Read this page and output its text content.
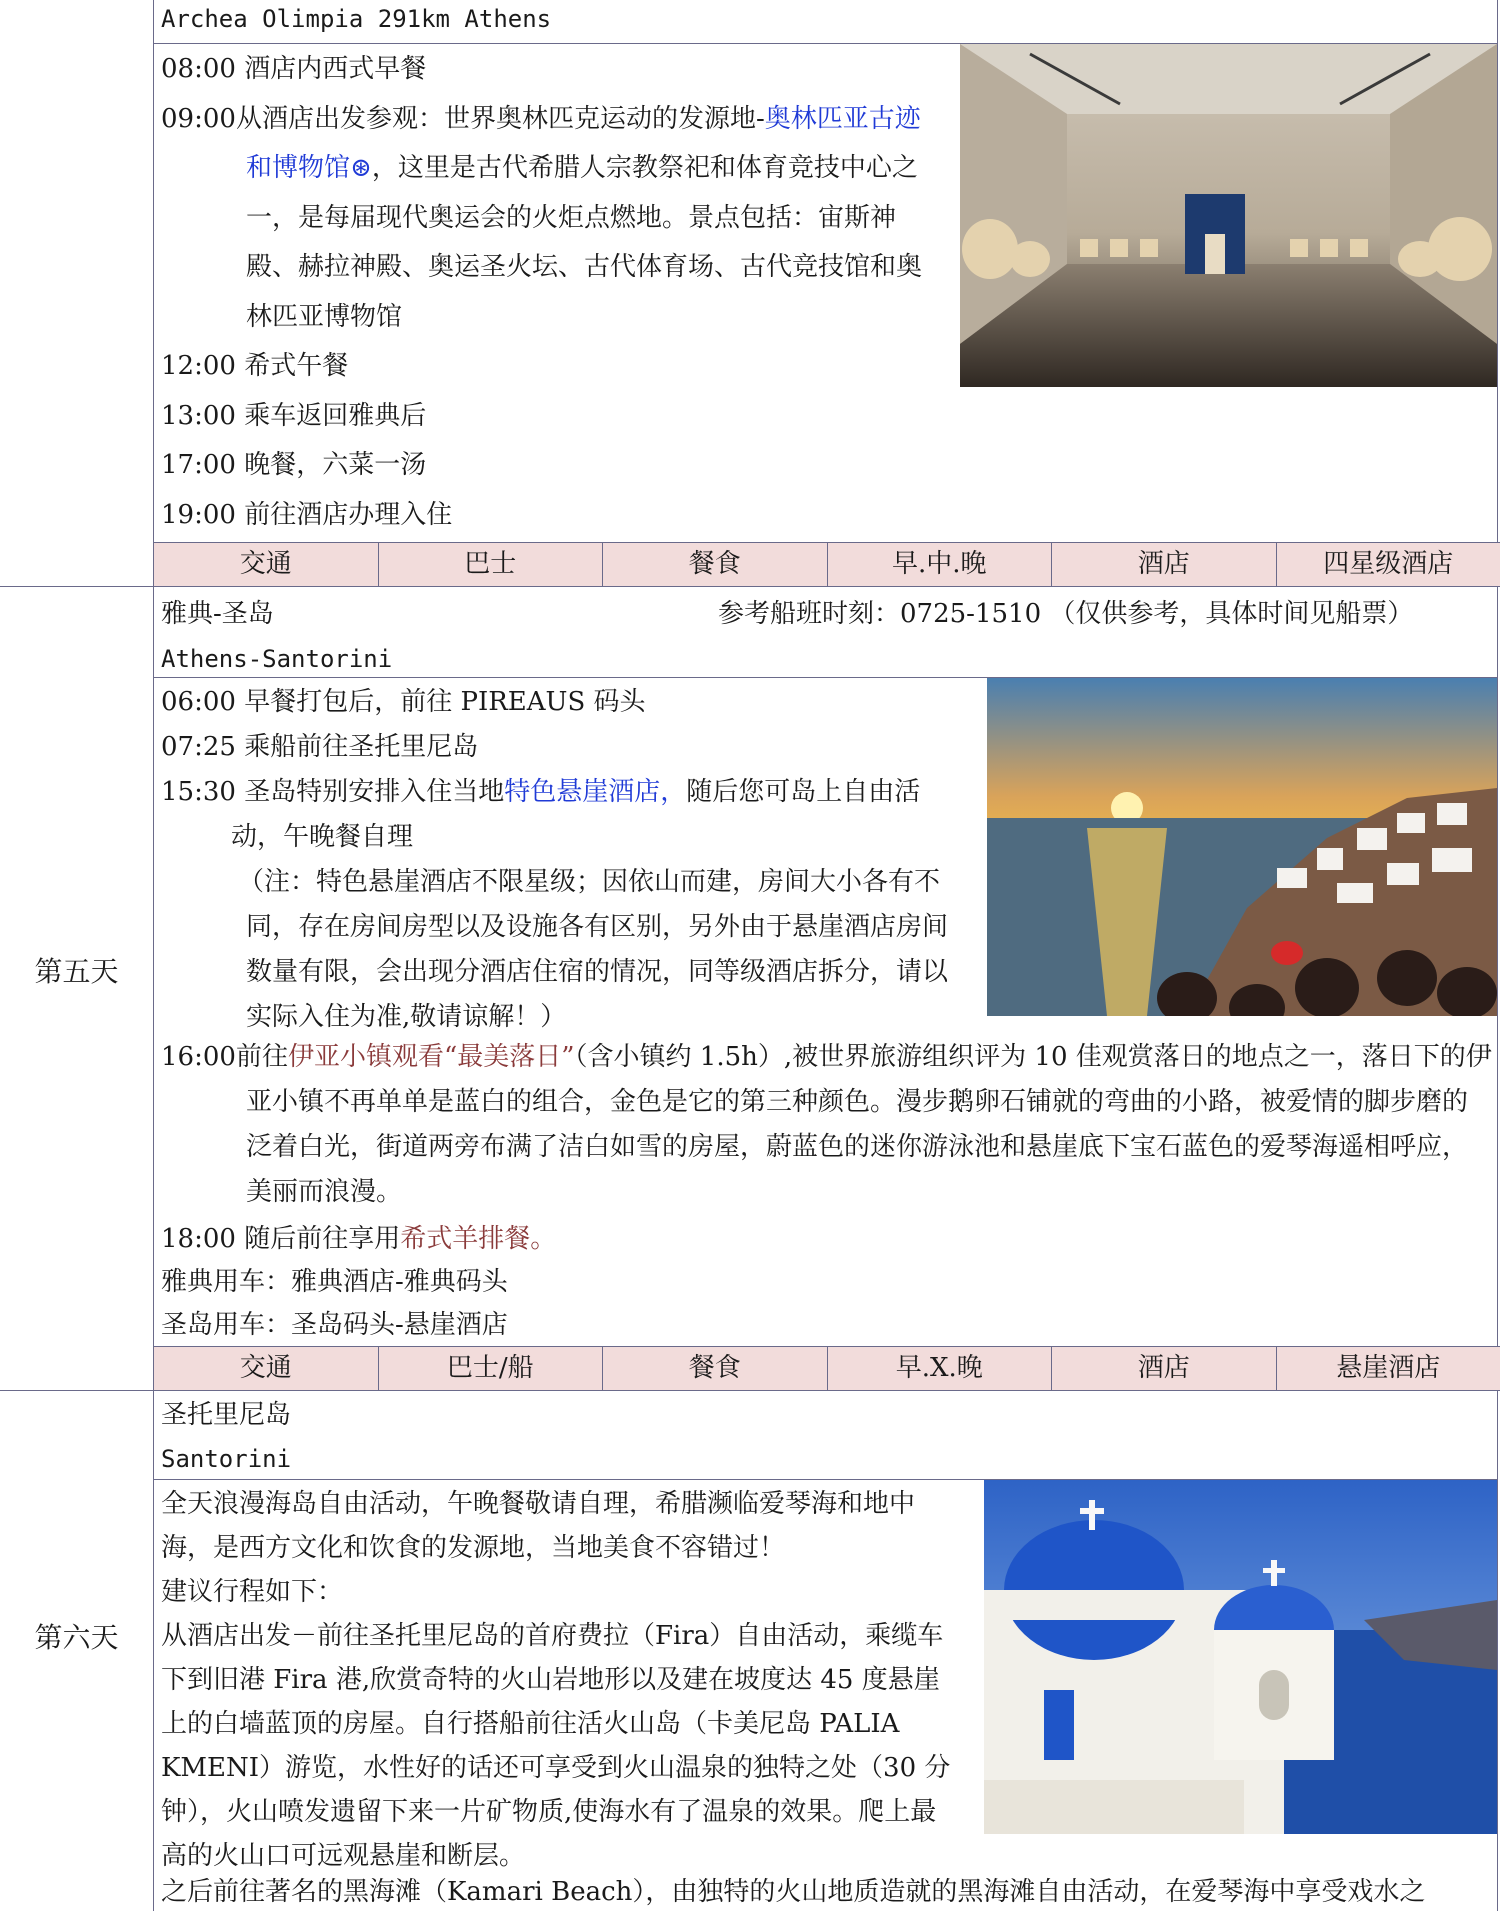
Archea Olimpia 291km Athens
08:00 酒店内西式早餐
09:00从酒店出发参观：世界奥林匹克运动的发源地-奥林匹亚古迹和博物馆⊛，这里是古代希腊人宗教祭祀和体育竞技中心之一，是每届现代奥运会的火炬点燃地。景点包括：宙斯神殿、赫拉神殿、奥运圣火坛、古代体育场、古代竞技馆和奥林匹亚博物馆
12:00 希式午餐
13:00 乘车返回雅典后
17:00 晚餐，六菜一汤
19:00 前往酒店办理入住
交通	巴士	餐食	早.中.晚	酒店	四星级酒店
第五天
雅典-圣岛	参考船班时刻：0725-1510 （仅供参考，具体时间见船票）
Athens-Santorini
06:00 早餐打包后，前往 PIREAUS 码头
07:25 乘船前往圣托里尼岛
15:30 圣岛特别安排入住当地特色悬崖酒店，随后您可岛上自由活动，午晚餐自理
（注：特色悬崖酒店不限星级；因依山而建，房间大小各有不同，存在房间房型以及设施各有区别，另外由于悬崖酒店房间数量有限，会出现分酒店住宿的情况，同等级酒店拆分，请以实际入住为准,敬请谅解！）
16:00前往伊亚小镇观看“最美落日”（含小镇约 1.5h）,被世界旅游组织评为 10 佳观赏落日的地点之一，落日下的伊亚小镇不再单单是蓝白的组合，金色是它的第三种颜色。漫步鹅卵石铺就的弯曲的小路，被爱情的脚步磨的泛着白光，街道两旁布满了洁白如雪的房屋，蔚蓝色的迷你游泳池和悬崖底下宝石蓝色的爱琴海遥相呼应，美丽而浪漫。
18:00 随后前往享用希式羊排餐。
雅典用车：雅典酒店-雅典码头
圣岛用车：圣岛码头-悬崖酒店
交通	巴士/船	餐食	早.X.晚	酒店	悬崖酒店
第六天
圣托里尼岛
Santorini
全天浪漫海岛自由活动，午晚餐敬请自理，希腊濒临爱琴海和地中海，是西方文化和饮食的发源地，当地美食不容错过！
建议行程如下：
从酒店出发－前往圣托里尼岛的首府费拉（Fira）自由活动，乘缆车下到旧港 Fira 港,欣赏奇特的火山岩地形以及建在坡度达 45 度悬崖上的白墙蓝顶的房屋。自行搭船前往活火山岛（卡美尼岛 PALIA KMENI）游览，水性好的话还可享受到火山温泉的独特之处（30 分钟），火山喷发遗留下来一片矿物质,使海水有了温泉的效果。爬上最高的火山口可远观悬崖和断层。
之后前往著名的黑海滩（Kamari Beach），由独特的火山地质造就的黑海滩自由活动，在爱琴海中享受戏水之
